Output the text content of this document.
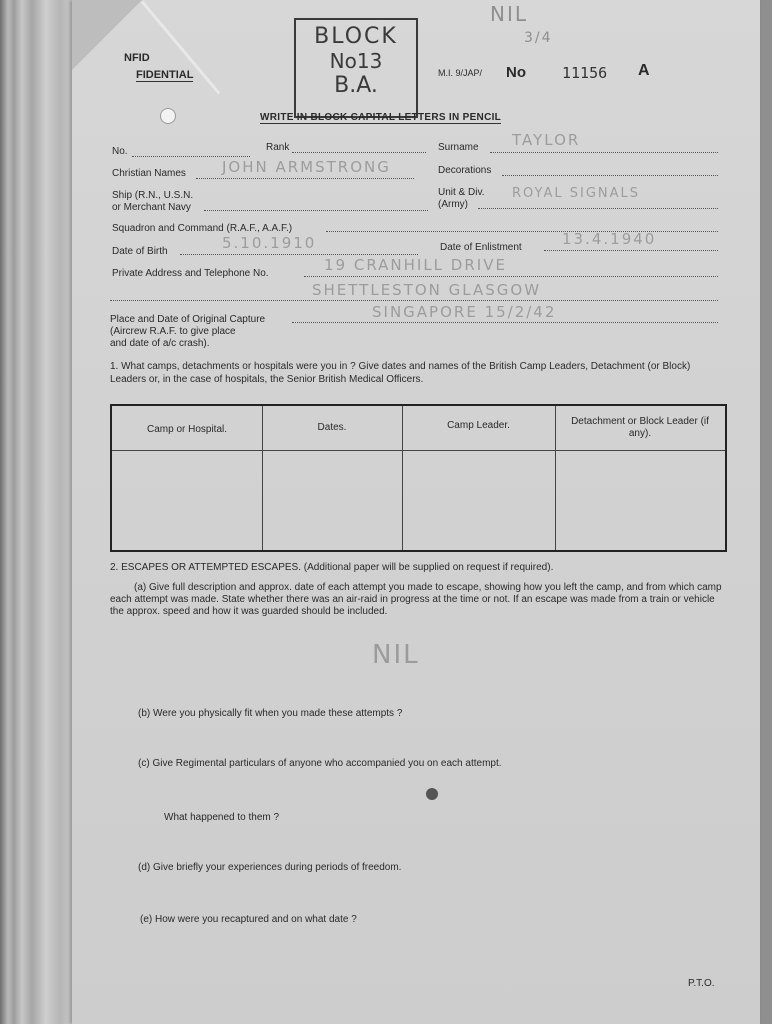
NFID
FIDENTIAL
BLOCK
No13
B.A.
NIL
3/4
M.I. 9/JAP/ No 11156 A
WRITE IN BLOCK CAPITAL LETTERS IN PENCIL
No.	Rank	Surname TAYLOR
Christian Names JOHN ARMSTRONG	Decorations
Ship (R.N., U.S.N.
or Merchant Navy
Unit & Div.
(Army)
ROYAL SIGNALS
Squadron and Command (R.A.F., A.A.F.)
Date of Birth	5.10.1910	Date of Enlistment	13.4.1940
Private Address and Telephone No.	19 CRANHILL DRIVE
SHETTLESTON GLASGOW
Place and Date of Original Capture
(Aircrew R.A.F. to give place
and date of a/c crash).
SINGAPORE 15/2/42
1. What camps, detachments or hospitals were you in ? Give dates and names of the British Camp Leaders, Detachment (or Block) Leaders or, in the case of hospitals, the Senior British Medical Officers.
Camp or Hospital.	Dates.	Camp Leader.	Detachment or Block Leader (if any).
2. ESCAPES OR ATTEMPTED ESCAPES. (Additional paper will be supplied on request if required).
(a) Give full description and approx. date of each attempt you made to escape, showing how you left the camp, and from which camp each attempt was made. State whether there was an air-raid in progress at the time or not. If an escape was made from a train or vehicle the approx. speed and how it was guarded should be included.
NIL
(b) Were you physically fit when you made these attempts ?
(c) Give Regimental particulars of anyone who accompanied you on each attempt.
What happened to them ?
(d) Give briefly your experiences during periods of freedom.
(e) How were you recaptured and on what date ?
P.T.O.
